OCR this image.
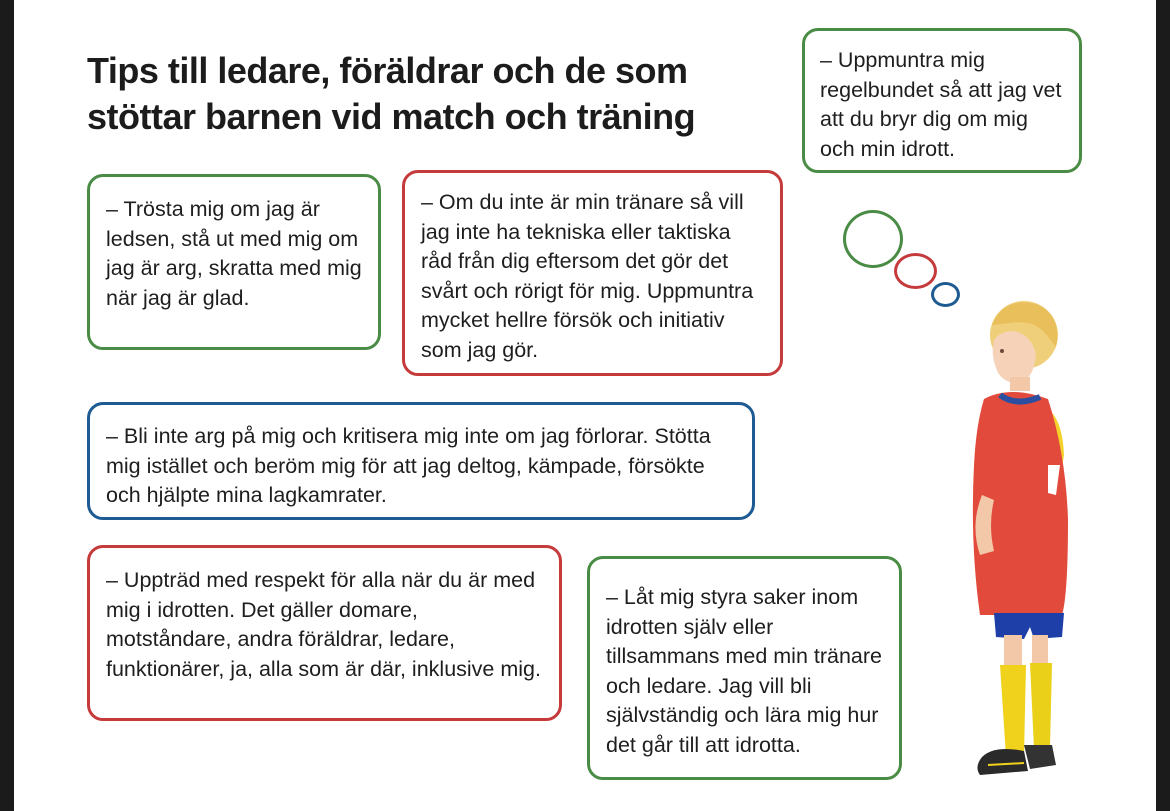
Tips till ledare, föräldrar och de som stöttar barnen vid match och träning
– Uppmuntra mig regelbundet så att jag vet att du bryr dig om mig och min idrott.
– Trösta mig om jag är ledsen, stå ut med mig om jag är arg, skratta med mig när jag är glad.
– Om du inte är min tränare så vill jag inte ha tekniska eller taktiska råd från dig eftersom det gör det svårt och rörigt för mig. Uppmuntra mycket hellre försök och initiativ som jag gör.
– Bli inte arg på mig och kritisera mig inte om jag förlorar. Stötta mig istället och beröm mig för att jag deltog, kämpade, försökte och hjälpte mina lagkamrater.
– Uppträd med respekt för alla när du är med mig i idrotten. Det gäller domare, motståndare, andra föräldrar, ledare, funktionärer, ja, alla som är där, inklusive mig.
– Låt mig styra saker inom idrotten själv eller tillsammans med min tränare och ledare. Jag vill bli självständig och lära mig hur det går till att idrotta.
